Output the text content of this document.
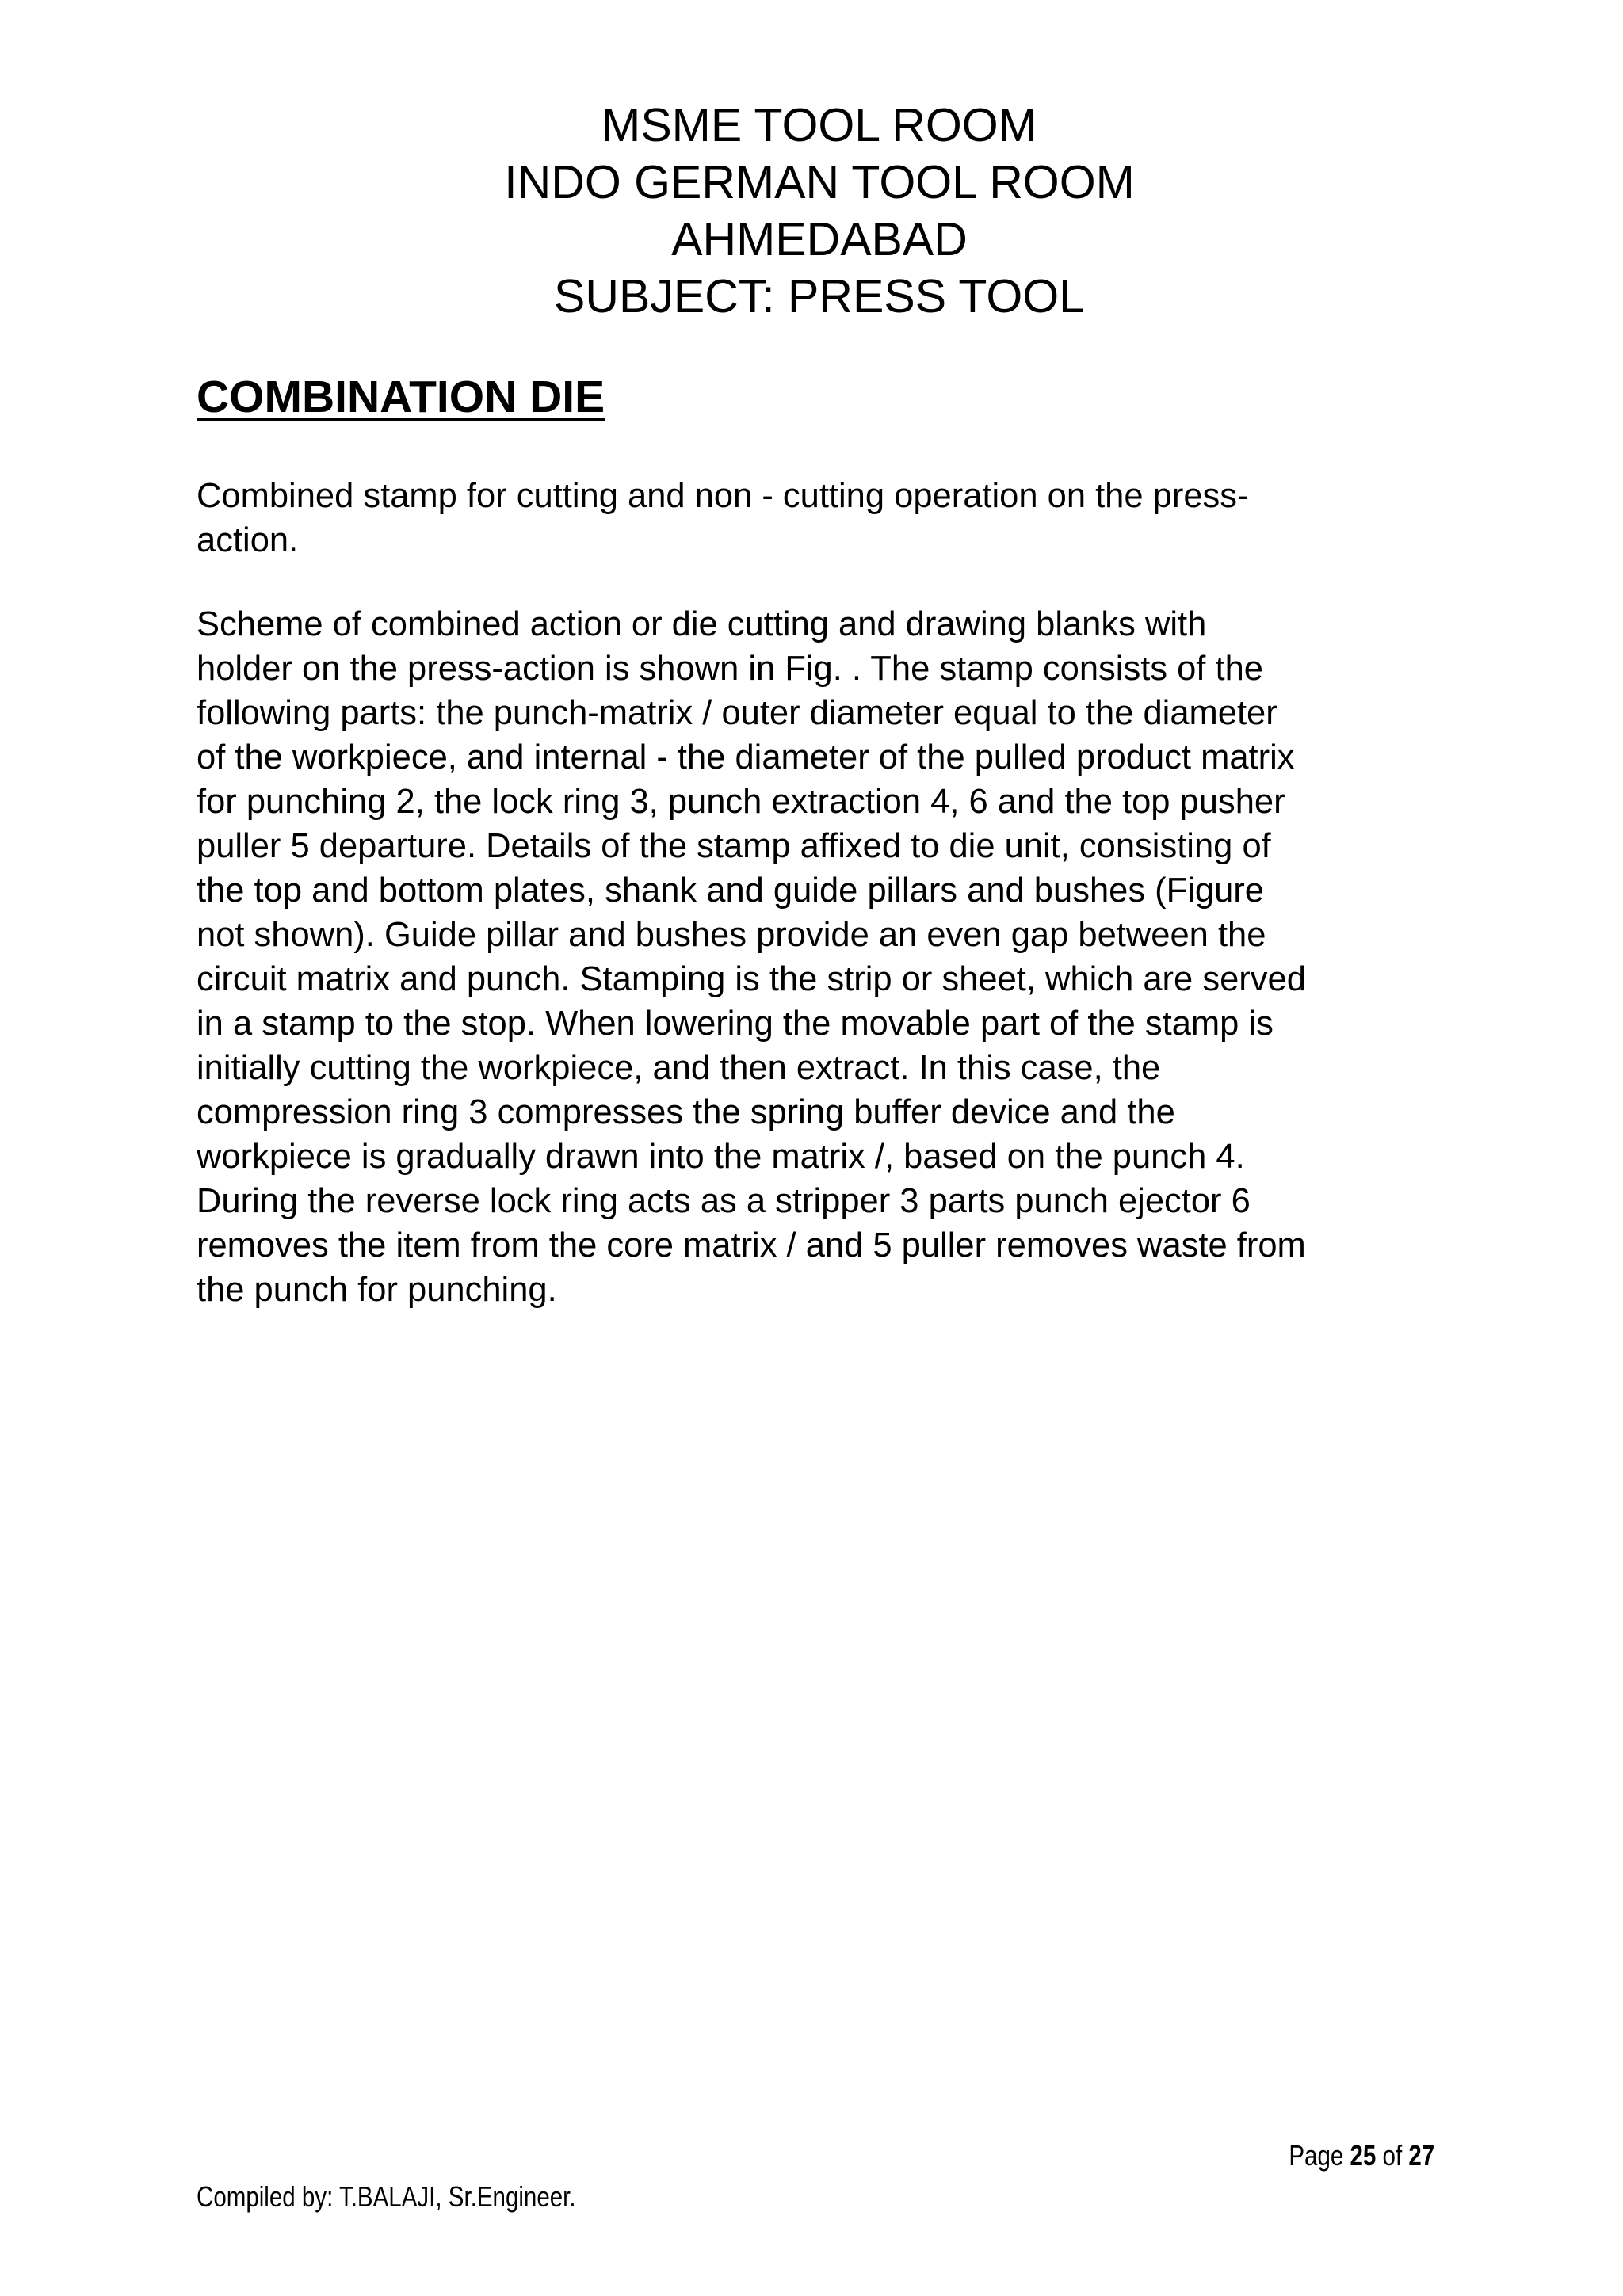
MSME TOOL ROOM
INDO GERMAN TOOL ROOM
AHMEDABAD
SUBJECT: PRESS TOOL
COMBINATION DIE
Combined stamp for cutting and non - cutting operation on the press-
action.
Scheme of combined action or die cutting and drawing blanks with
holder on the press-action is shown in Fig. . The stamp consists of the
following parts: the punch-matrix / outer diameter equal to the diameter
of the workpiece, and internal - the diameter of the pulled product matrix
for punching 2, the lock ring 3, punch extraction 4, 6 and the top pusher
puller 5 departure. Details of the stamp affixed to die unit, consisting of
the top and bottom plates, shank and guide pillars and bushes (Figure
not shown). Guide pillar and bushes provide an even gap between the
circuit matrix and punch. Stamping is the strip or sheet, which are served
in a stamp to the stop. When lowering the movable part of the stamp is
initially cutting the workpiece, and then extract. In this case, the
compression ring 3 compresses the spring buffer device and the
workpiece is gradually drawn into the matrix /, based on the punch 4.
During the reverse lock ring acts as a stripper 3 parts punch ejector 6
removes the item from the core matrix / and 5 puller removes waste from
the punch for punching.
Page 25 of 27
Compiled by: T.BALAJI, Sr.Engineer.
